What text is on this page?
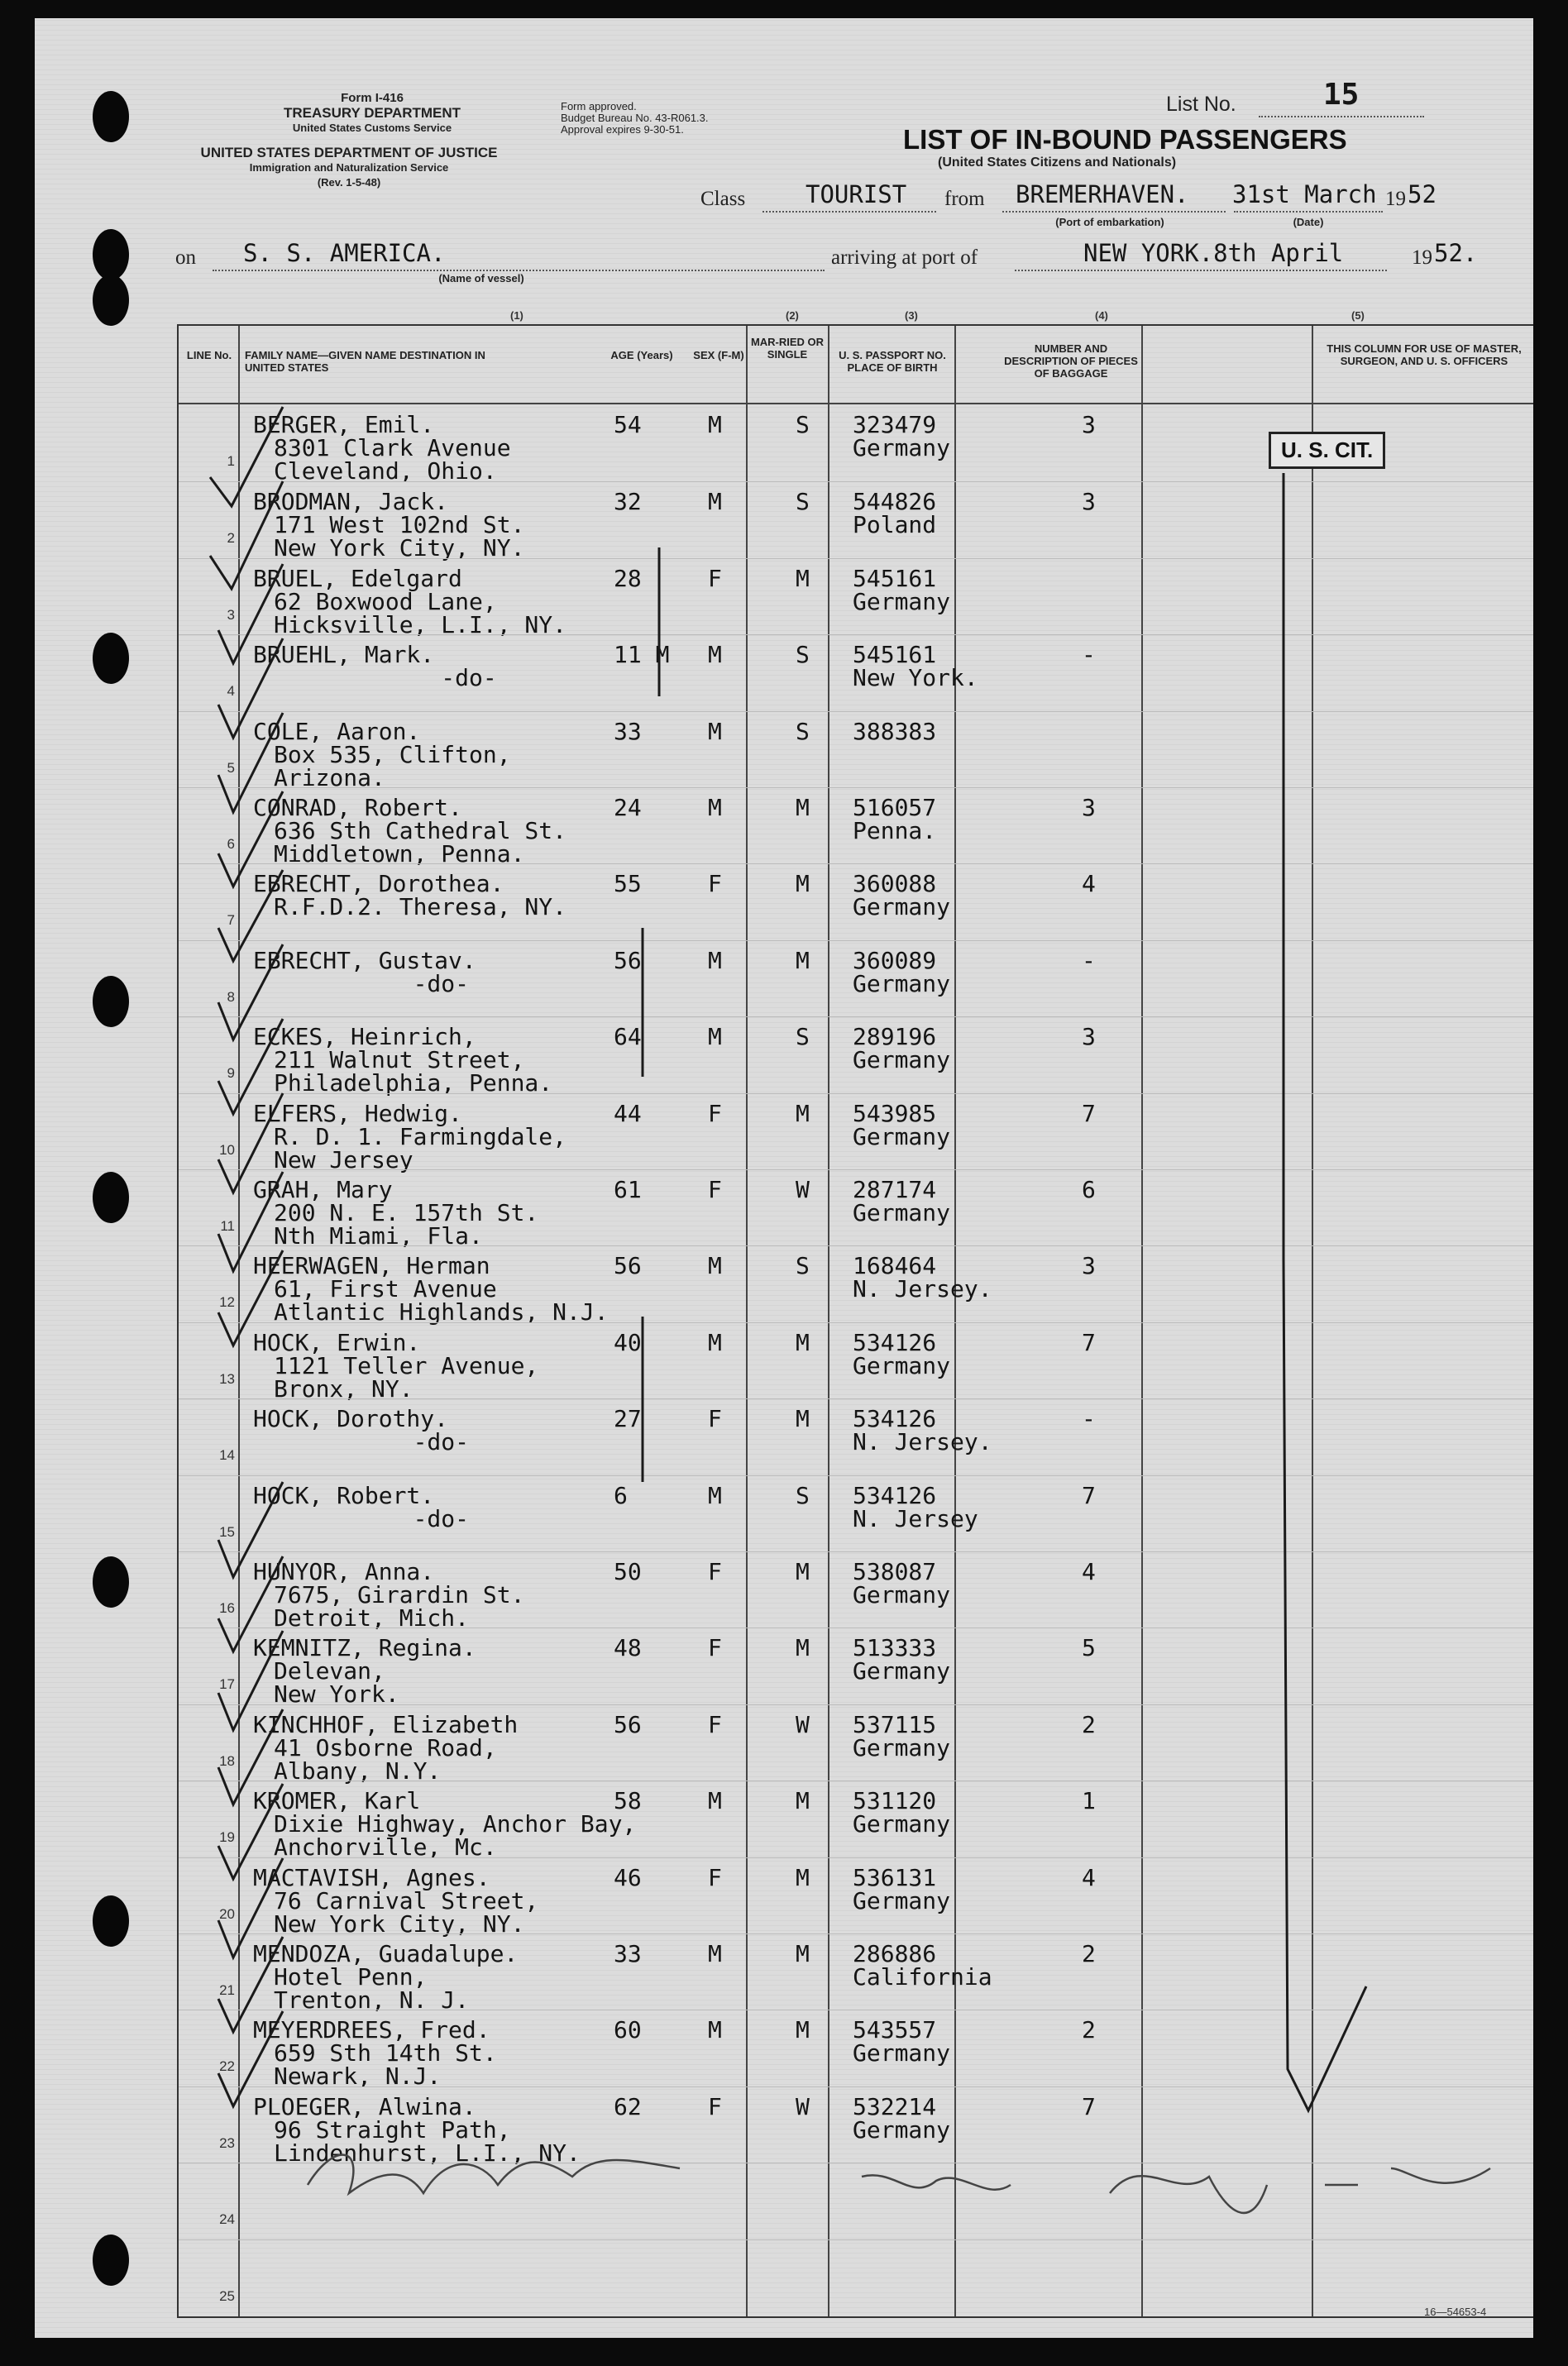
Form I-416
TREASURY DEPARTMENT
United States Customs Service
UNITED STATES DEPARTMENT OF JUSTICE
Immigration and Naturalization Service
(Rev. 1-5-48)
Form approved.
Budget Bureau No. 43-R061.3.
Approval expires 9-30-51.
List No.	15
LIST OF IN-BOUND PASSENGERS
(United States Citizens and Nationals)
Class	TOURIST from BREMERHAVEN.
(Port of embarkation)
31st March
(Date)
19 52
on S. S. AMERICA.
(Name of vessel)
arriving at port of	NEW YORK.8th April	19 52.
(1)	(2)	(3)	(4)	(5)
LINE No.	FAMILY NAME—GIVEN NAME DESTINATION IN UNITED STATES
AGE (Years)	SEX (F-M)
MAR-RIED OR SINGLE	U. S. PASSPORT NO. PLACE OF BIRTH
NUMBER AND DESCRIPTION OF PIECES OF BAGGAGE
THIS COLUMN FOR USE OF MASTER, SURGEON, AND U. S. OFFICERS
1
BERGER, Emil.
8301 Clark Avenue
Cleveland, Ohio.
54	M	S 323479
Germany
3
2
BRODMAN, Jack.
171 West 102nd St.
New York City, NY.
32	M	S 544826
Poland
3
3
BRUEL, Edelgard
62 Boxwood Lane,
Hicksville, L.I., NY.
28	F	M 545161
Germany
4
BRUEHL, Mark.
-do-
11 M M	S 545161
New York.
-
5
COLE, Aaron.
Box 535, Clifton,
Arizona.
33	M	S 388383
6
CONRAD, Robert.
636 Sth Cathedral St.
Middletown, Penna.
24	M	M 516057
Penna.
3
7
EBRECHT, Dorothea.
R.F.D.2. Theresa, NY.
55	F	M 360088
Germany
4
8
EBRECHT, Gustav.
-do-
56	M	M 360089
Germany
-
9
ECKES, Heinrich,
211 Walnut Street,
Philadelphia, Penna.
64	M	S 289196
Germany
3
10
ELFERS, Hedwig.
R. D. 1. Farmingdale,
New Jersey
44	F	M 543985
Germany
7
11
GRAH, Mary
200 N. E. 157th St.
Nth Miami, Fla.
61	F	W 287174
Germany
6
12
HEERWAGEN, Herman
61, First Avenue
Atlantic Highlands, N.J.
56	M	S 168464
N. Jersey.
3
13
HOCK, Erwin.
1121 Teller Avenue,
Bronx, NY.
40	M	M 534126
Germany
7
14
HOCK, Dorothy.
-do-
27	F	M 534126
N. Jersey.
-
15
HOCK, Robert.
-do-
6	M	S 534126
N. Jersey
7
16
HUNYOR, Anna.
7675, Girardin St.
Detroit, Mich.
50	F	M 538087
Germany
4
17
KEMNITZ, Regina.
Delevan,
New York.
48	F	M 513333
Germany
5
18
KINCHHOF, Elizabeth
41 Osborne Road,
Albany, N.Y.
56	F	W 537115
Germany
2
19
KROMER, Karl
Dixie Highway, Anchor Bay,
Anchorville, Mc.
58	M	M 531120
Germany
1
20
MACTAVISH, Agnes.
76 Carnival Street,
New York City, NY.
46	F	M 536131
Germany
4
21
MENDOZA, Guadalupe.
Hotel Penn,
Trenton, N. J.
33	M	M 286886
California
2
22
MEYERDREES, Fred.
659 Sth 14th St.
Newark, N.J.
60	M	M 543557
Germany
2
23
PLOEGER, Alwina.
96 Straight Path,
Lindenhurst, L.I., NY.
62	F	W 532214
Germany
7
24
25
U. S. CIT.
16—54653-4
